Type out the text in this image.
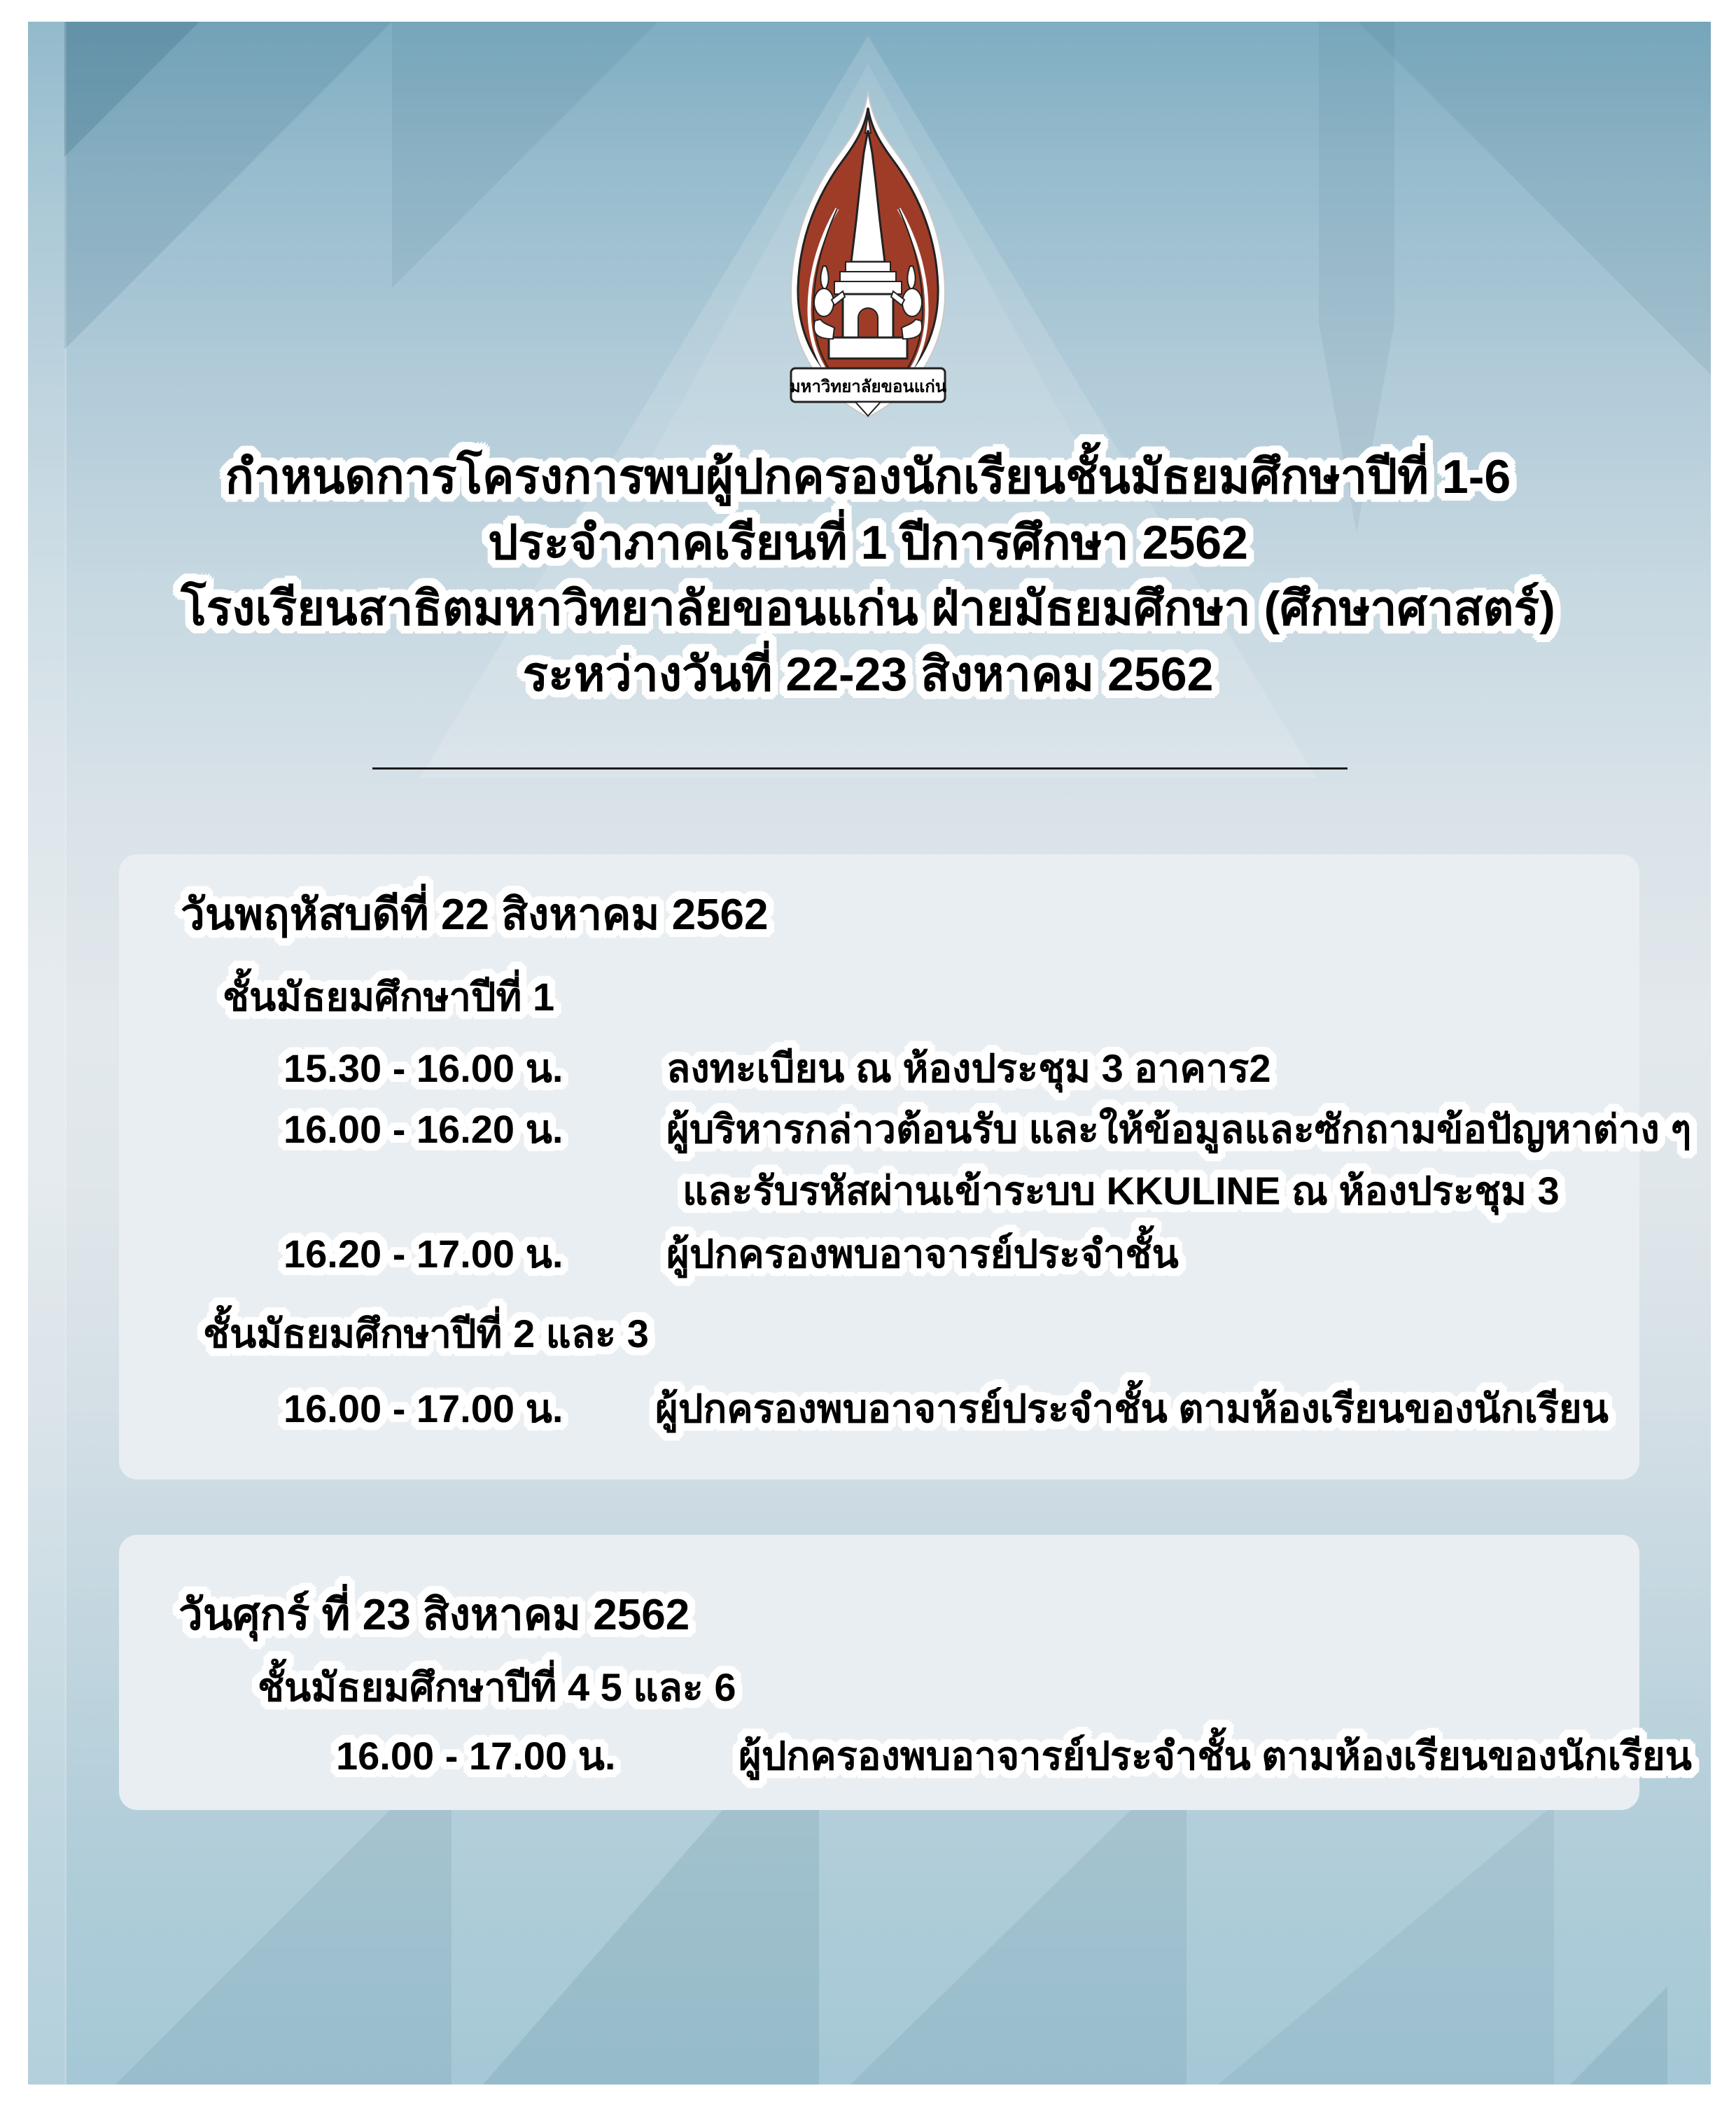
มหาวิทยาลัยขอนแก่น
กำหนดการโครงการพบผู้ปกครองนักเรียนชั้นมัธยมศึกษาปีที่ 1-6
ประจำภาคเรียนที่ 1 ปีการศึกษา 2562
โรงเรียนสาธิตมหาวิทยาลัยขอนแก่น ฝ่ายมัธยมศึกษา (ศึกษาศาสตร์)
ระหว่างวันที่ 22-23 สิงหาคม 2562
วันพฤหัสบดีที่ 22 สิงหาคม 2562
ชั้นมัธยมศึกษาปีที่ 1
15.30 - 16.00 น.	ลงทะเบียน ณ ห้องประชุม 3 อาคาร2
16.00 - 16.20 น.	ผู้บริหารกล่าวต้อนรับ และให้ข้อมูลและซักถามข้อปัญหาต่าง ๆ
และรับรหัสผ่านเข้าระบบ KKULINE ณ ห้องประชุม 3
16.20 - 17.00 น.	ผู้ปกครองพบอาจารย์ประจำชั้น
ชั้นมัธยมศึกษาปีที่ 2 และ 3
16.00 - 17.00 น. ผู้ปกครองพบอาจารย์ประจำชั้น ตามห้องเรียนของนักเรียน
วันศุกร์ ที่ 23 สิงหาคม 2562
ชั้นมัธยมศึกษาปีที่ 4 5 และ 6
16.00 - 17.00 น.	ผู้ปกครองพบอาจารย์ประจำชั้น ตามห้องเรียนของนักเรียน
